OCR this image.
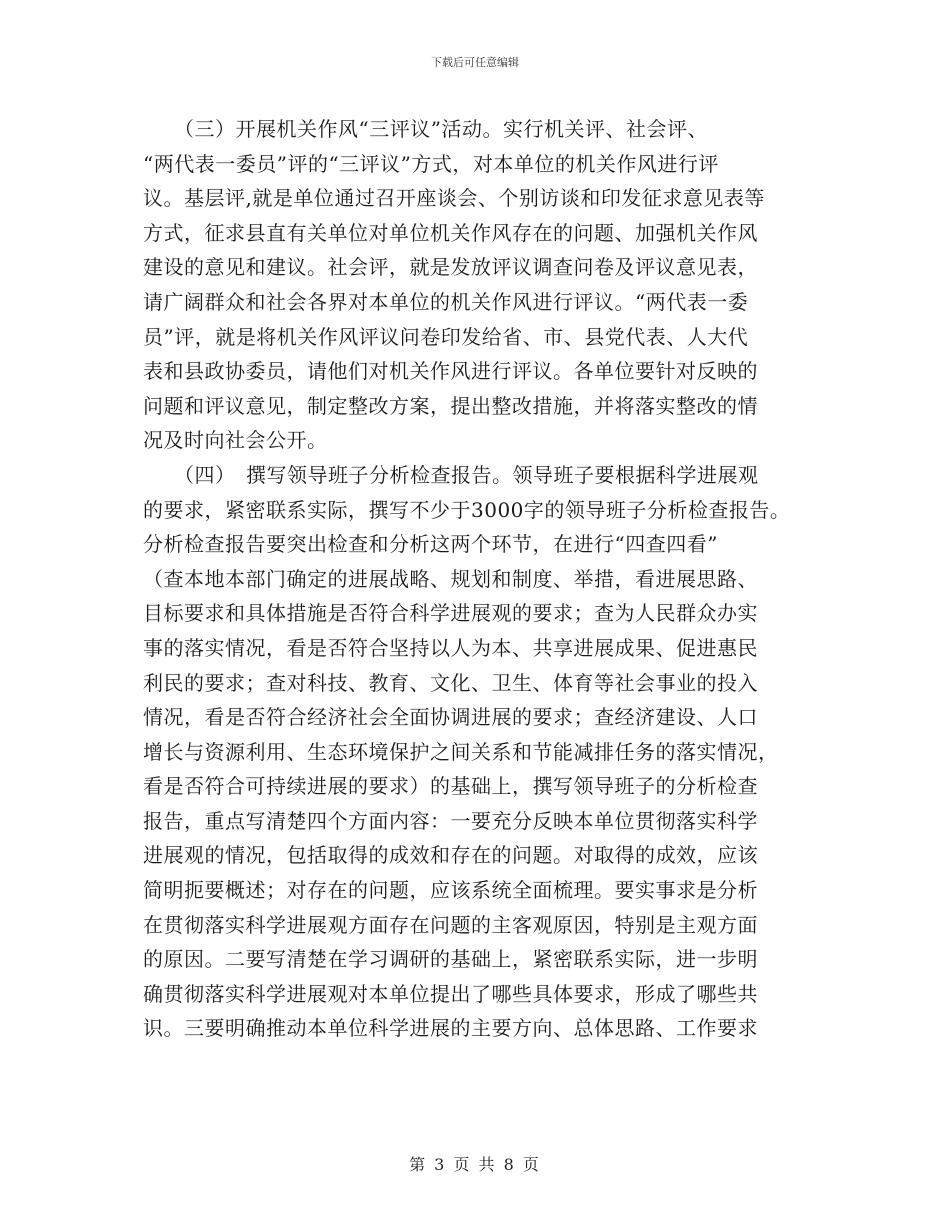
下载后可任意编辑
　　（三）开展机关作风“三评议”活动。实行机关评、社会评、
“两代表一委员”评的“三评议”方式，对本单位的机关作风进行评
议。基层评,就是单位通过召开座谈会、个别访谈和印发征求意见表等
方式，征求县直有关单位对单位机关作风存在的问题、加强机关作风
建设的意见和建议。社会评，就是发放评议调查问卷及评议意见表，
请广阔群众和社会各界对本单位的机关作风进行评议。“两代表一委
员”评，就是将机关作风评议问卷印发给省、市、县党代表、人大代
表和县政协委员，请他们对机关作风进行评议。各单位要针对反映的
问题和评议意见，制定整改方案，提出整改措施，并将落实整改的情
况及时向社会公开。
　　（四）　撰写领导班子分析检查报告。领导班子要根据科学进展观
的要求，紧密联系实际，撰写不少于3000字的领导班子分析检查报告。
分析检查报告要突出检查和分析这两个环节，在进行“四查四看”
（查本地本部门确定的进展战略、规划和制度、举措，看进展思路、
目标要求和具体措施是否符合科学进展观的要求；查为人民群众办实
事的落实情况，看是否符合坚持以人为本、共享进展成果、促进惠民
利民的要求；查对科技、教育、文化、卫生、体育等社会事业的投入
情况，看是否符合经济社会全面协调进展的要求；查经济建设、人口
增长与资源利用、生态环境保护之间关系和节能减排任务的落实情况，
看是否符合可持续进展的要求）的基础上，撰写领导班子的分析检查
报告，重点写清楚四个方面内容：一要充分反映本单位贯彻落实科学
进展观的情况，包括取得的成效和存在的问题。对取得的成效，应该
简明扼要概述；对存在的问题，应该系统全面梳理。要实事求是分析
在贯彻落实科学进展观方面存在问题的主客观原因，特别是主观方面
的原因。二要写清楚在学习调研的基础上，紧密联系实际，进一步明
确贯彻落实科学进展观对本单位提出了哪些具体要求，形成了哪些共
识。三要明确推动本单位科学进展的主要方向、总体思路、工作要求
第 3 页 共 8 页
